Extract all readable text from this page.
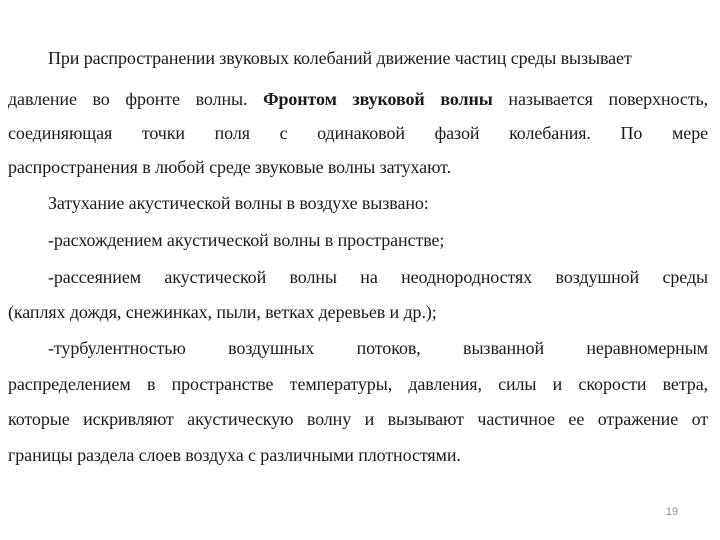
При распространении звуковых колебаний движение частиц среды вызывает
давление во фронте волны. Фронтом звуковой волны называется поверхность,
соединяющая точки поля с одинаковой фазой колебания. По мере
распространения в любой среде звуковые волны затухают.
Затухание акустической волны в воздухе вызвано:
-расхождением акустической волны в пространстве;
-рассеянием акустической волны на неоднородностях воздушной среды
(каплях дождя, снежинках, пыли, ветках деревьев и др.);
-турбулентностью воздушных потоков, вызванной неравномерным
распределением в пространстве температуры, давления, силы и скорости ветра,
которые искривляют акустическую волну и вызывают частичное ее отражение от
границы раздела слоев воздуха с различными плотностями.
19
